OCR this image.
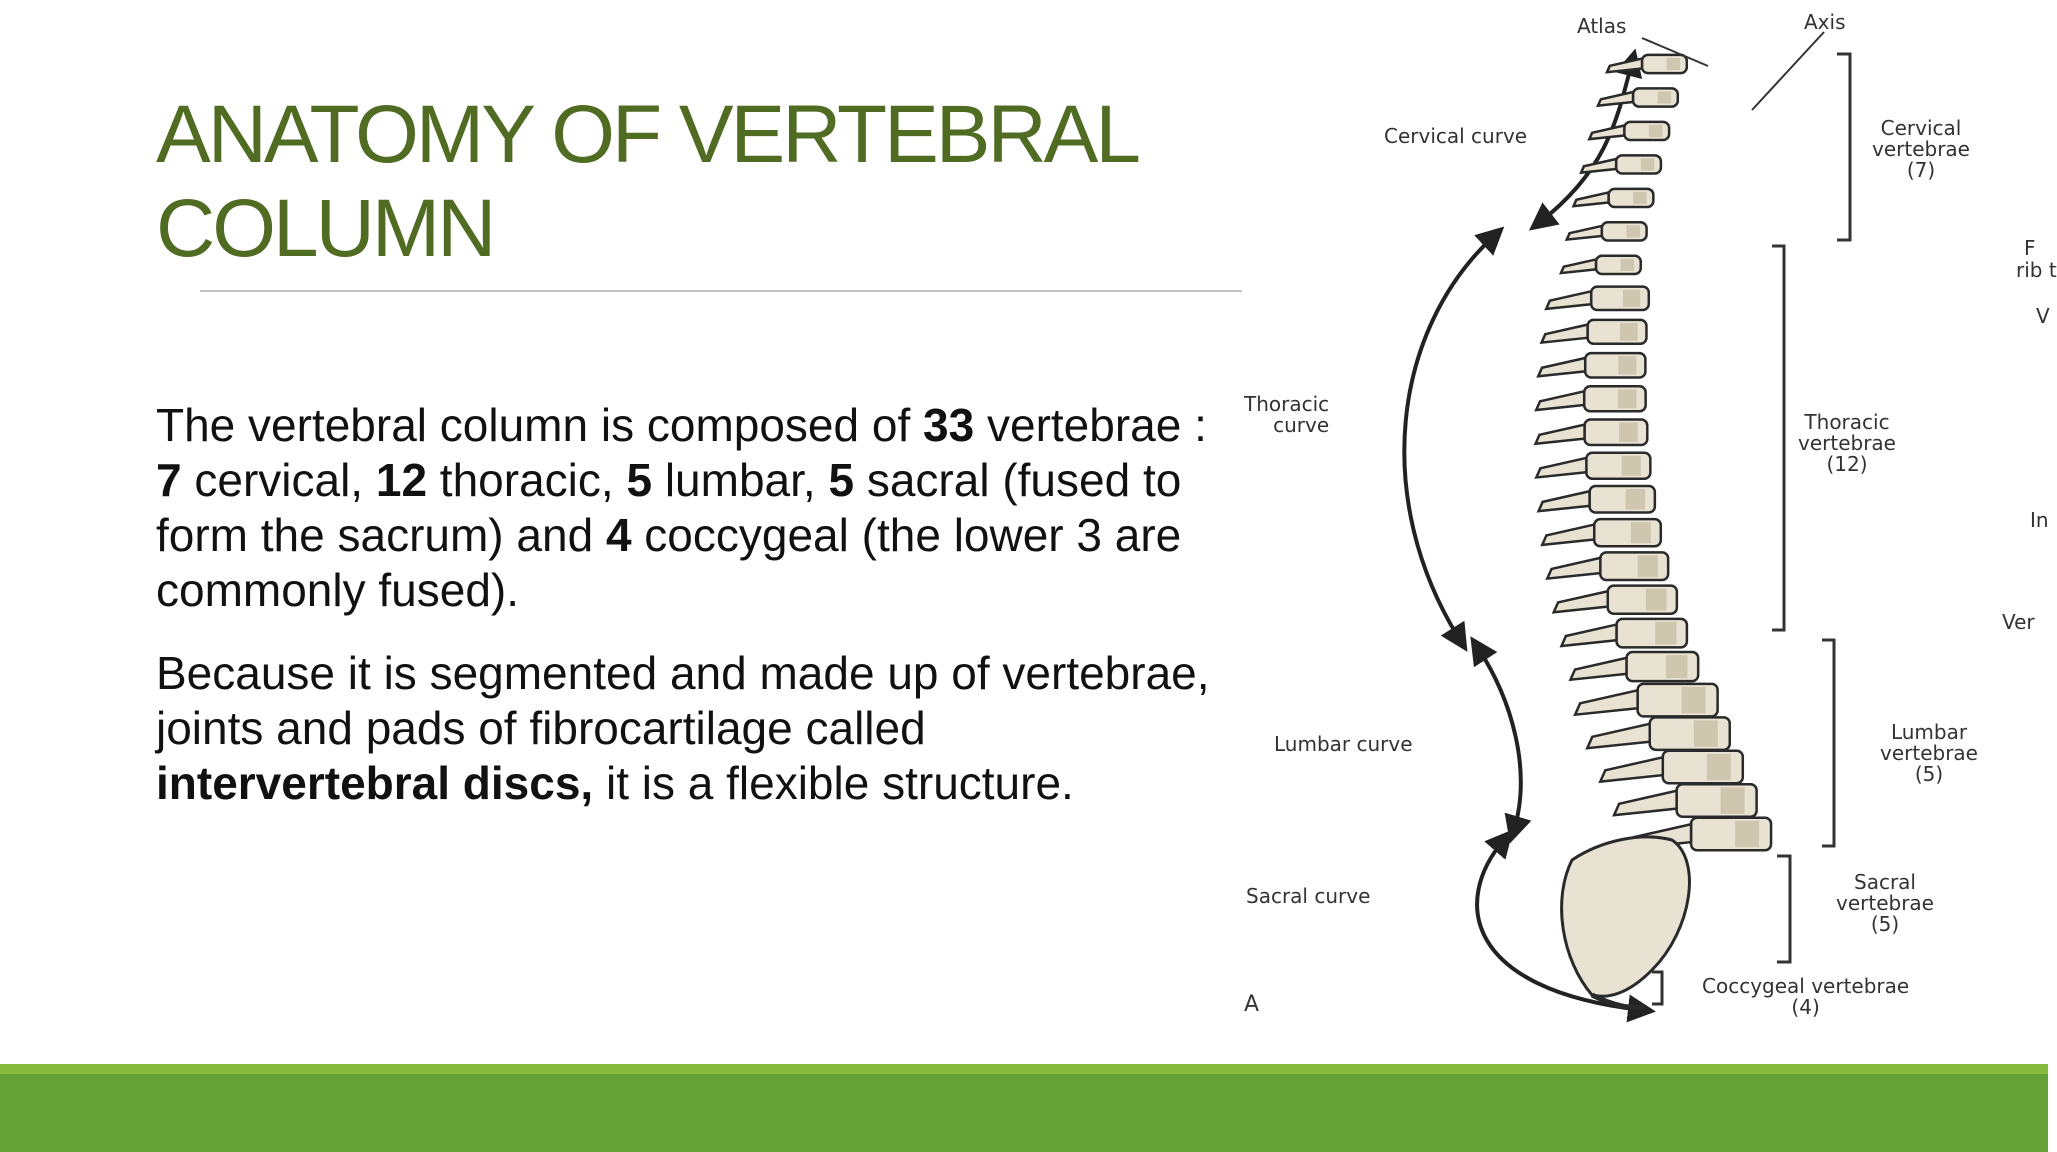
ANATOMY OF VERTEBRAL
COLUMN

The vertebral column is composed of 33 vertebrae : 7 cervical, 12 thoracic, 5 lumbar, 5 sacral (fused to form the sacrum) and 4 coccygeal (the lower 3 are commonly fused).

Because it is segmented and made up of vertebrae, joints and pads of fibrocartilage called intervertebral discs, it is a flexible structure.

Atlas	Axis
Cervical curve	Cervical
vertebrae
(7)
Thoracic
curve	Thoracic
vertebrae
(12)
Lumbar curve	Lumbar
vertebrae
(5)
Sacral curve
Sacral
vertebrae
(5)
Coccygeal vertebrae
(4)
A
F
rib t
V
In
Ver
